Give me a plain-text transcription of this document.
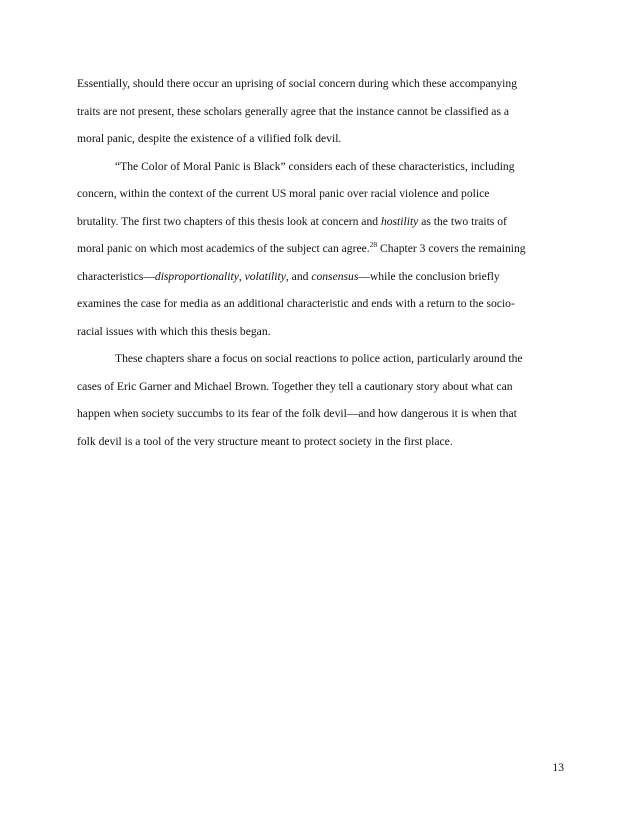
Essentially, should there occur an uprising of social concern during which these accompanying
traits are not present, these scholars generally agree that the instance cannot be classified as a
moral panic, despite the existence of a vilified folk devil.

“The Color of Moral Panic is Black” considers each of these characteristics, including
concern, within the context of the current US moral panic over racial violence and police
brutality. The first two chapters of this thesis look at concern and hostility as the two traits of
moral panic on which most academics of the subject can agree.$^{28}$ Chapter 3 covers the remaining
characteristics—disproportionality, volatility, and consensus—while the conclusion briefly
examines the case for media as an additional characteristic and ends with a return to the socio-
racial issues with which this thesis began.

These chapters share a focus on social reactions to police action, particularly around the
cases of Eric Garner and Michael Brown. Together they tell a cautionary story about what can
happen when society succumbs to its fear of the folk devil—and how dangerous it is when that
folk devil is a tool of the very structure meant to protect society in the first place.

13
